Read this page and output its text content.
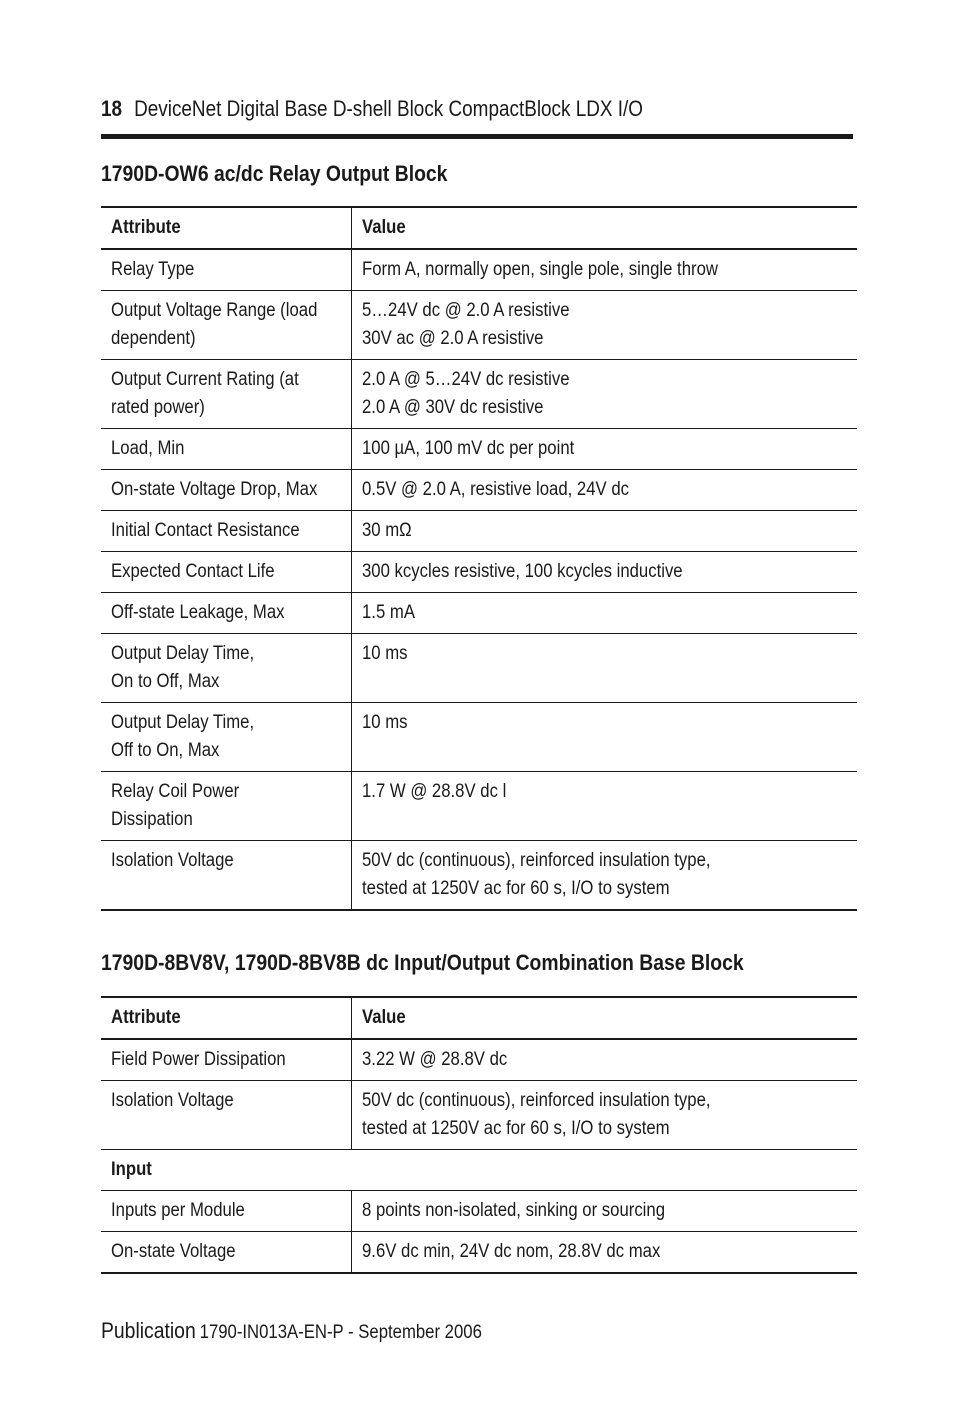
18 DeviceNet Digital Base D-shell Block CompactBlock LDX I/O
1790D-OW6 ac/dc Relay Output Block
Attribute	Value

Relay Type	Form A, normally open, single pole, single throw

Output Voltage Range (load
dependent)	5…24V dc @ 2.0 A resistive
30V ac @ 2.0 A resistive

Output Current Rating (at
rated power)	2.0 A @ 5…24V dc resistive
2.0 A @ 30V dc resistive

Load, Min	100 µA, 100 mV dc per point

On-state Voltage Drop, Max	0.5V @ 2.0 A, resistive load, 24V dc

Initial Contact Resistance	30 mΩ

Expected Contact Life	300 kcycles resistive, 100 kcycles inductive

Off-state Leakage, Max	1.5 mA

Output Delay Time,
On to Off, Max	10 ms

Output Delay Time,
Off to On, Max	10 ms

Relay Coil Power
Dissipation	1.7 W @ 28.8V dc l

Isolation Voltage	50V dc (continuous), reinforced insulation type,
tested at 1250V ac for 60 s, I/O to system
1790D-8BV8V, 1790D-8BV8B dc Input/Output Combination Base Block
Attribute	Value

Field Power Dissipation	3.22 W @ 28.8V dc

Isolation Voltage	50V dc (continuous), reinforced insulation type,
tested at 1250V ac for 60 s, I/O to system

Input	

Inputs per Module	8 points non-isolated, sinking or sourcing

On-state Voltage	9.6V dc min, 24V dc nom, 28.8V dc max
Publication 1790-IN013A-EN-P - September 2006
